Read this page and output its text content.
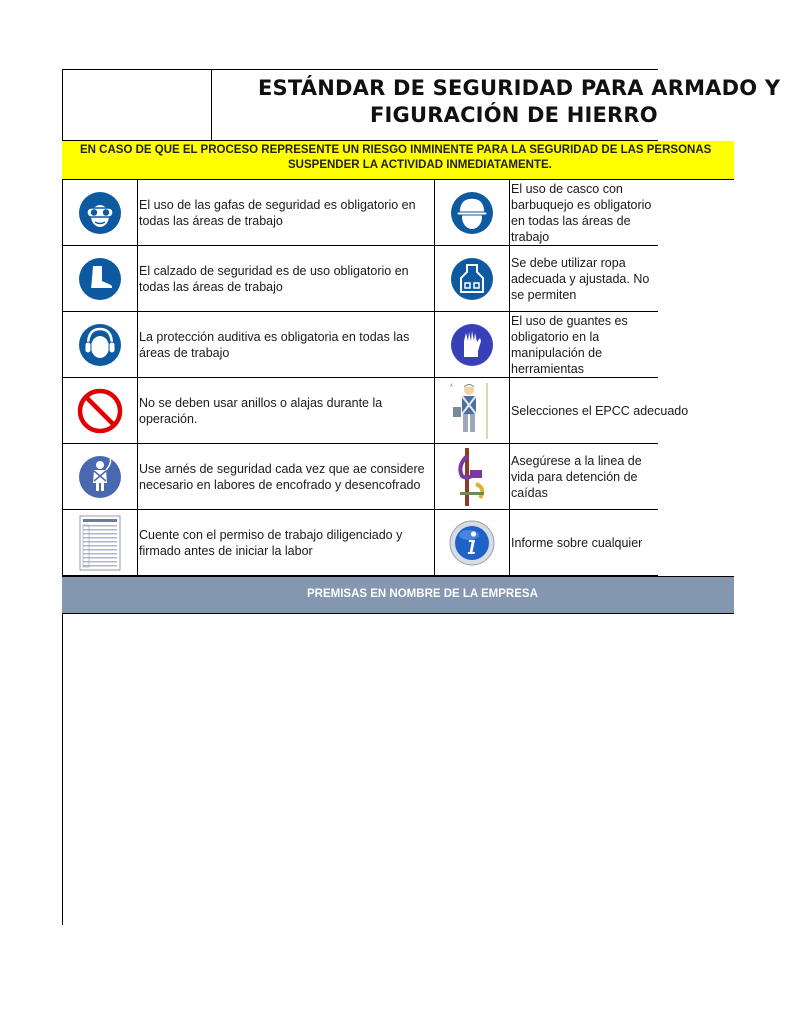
ESTÁNDAR DE SEGURIDAD PARA ARMADO Y
FIGURACIÓN DE HIERRO
EN CASO DE QUE EL PROCESO REPRESENTE UN RIESGO INMINENTE PARA LA SEGURIDAD DE LAS PERSONAS
SUSPENDER LA ACTIVIDAD INMEDIATAMENTE.
El uso de las gafas de seguridad es obligatorio en todas las áreas de trabajo
El uso de casco con barbuquejo es obligatorio en todas las áreas de trabajo
El calzado de seguridad es de uso obligatorio en todas las áreas de trabajo
Se debe utilizar ropa adecuada y ajustada. No se permiten
La protección auditiva es obligatoria en todas las áreas de trabajo
El uso de guantes es obligatorio en la manipulación de herramientas
No se deben usar anillos o alajas durante la operación.
A
Selecciones el EPCC adecuado
Use arnés de seguridad cada vez que ae considere necesario en labores de encofrado y desencofrado
Asegúrese a la linea de vida para detención de caídas
Cuente con el permiso de trabajo diligenciado y firmado antes de iniciar la labor
Informe sobre cualquier
PREMISAS EN NOMBRE DE LA EMPRESA
